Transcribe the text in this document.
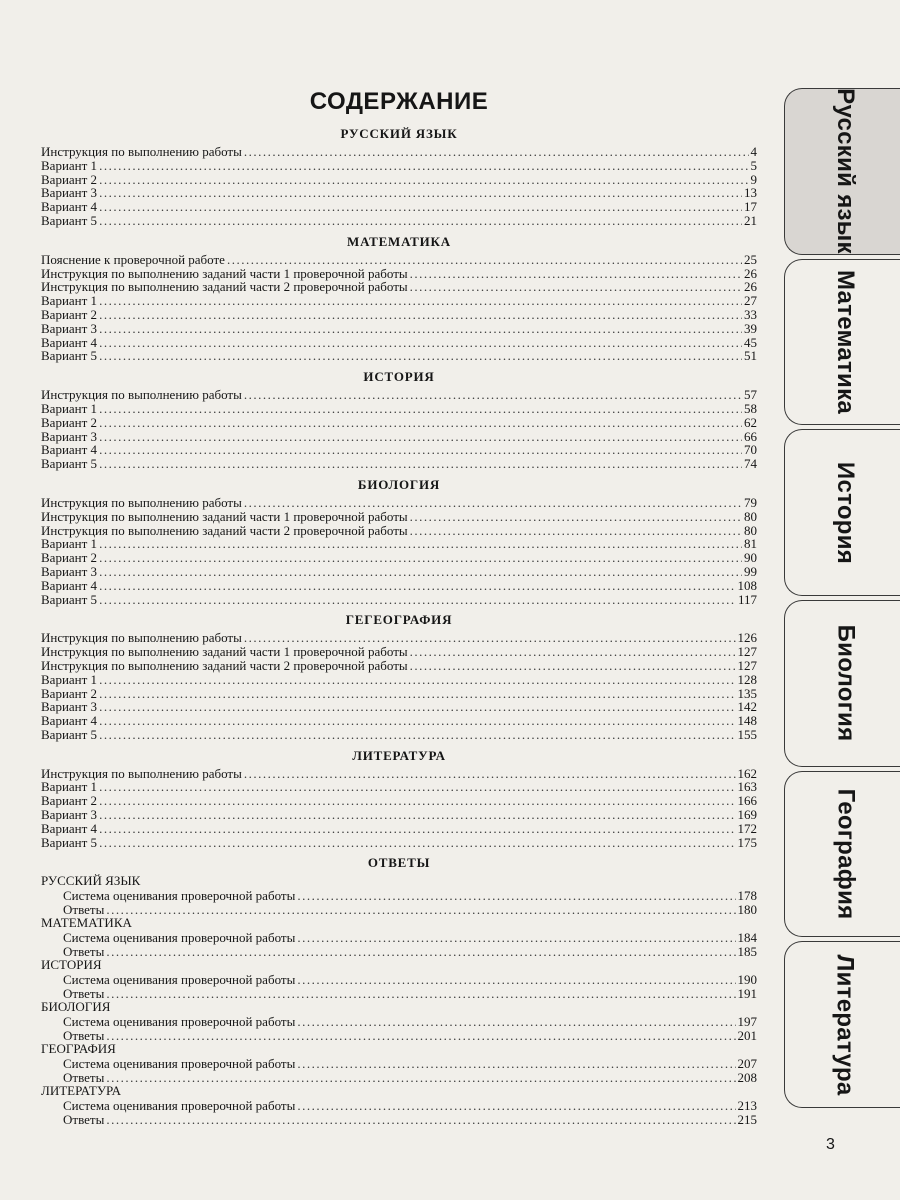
СОДЕРЖАНИЕ
РУССКИЙ ЯЗЫК
Инструкция по выполнению работы .....	4
Вариант 1 .....	5
Вариант 2 .....	9
Вариант 3 .....	13
Вариант 4 .....	17
Вариант 5 .....	21
МАТЕМАТИКА
Пояснение к проверочной работе .....	25
Инструкция по выполнению заданий части 1 проверочной работы .....	26
Инструкция по выполнению заданий части 2 проверочной работы .....	26
Вариант 1 .....	27
Вариант 2 .....	33
Вариант 3 .....	39
Вариант 4 .....	45
Вариант 5 .....	51
ИСТОРИЯ
Инструкция по выполнению работы .....	57
Вариант 1 .....	58
Вариант 2 .....	62
Вариант 3 .....	66
Вариант 4 .....	70
Вариант 5 .....	74
БИОЛОГИЯ
Инструкция по выполнению работы .....	79
Инструкция по выполнению заданий части 1 проверочной работы .....	80
Инструкция по выполнению заданий части 2 проверочной работы .....	80
Вариант 1 .....	81
Вариант 2 .....	90
Вариант 3 .....	99
Вариант 4 .....	108
Вариант 5 .....	117
ГЕГЕОГРАФИЯ
Инструкция по выполнению работы .....	126
Инструкция по выполнению заданий части 1 проверочной работы .....	127
Инструкция по выполнению заданий части 2 проверочной работы .....	127
Вариант 1 .....	128
Вариант 2 .....	135
Вариант 3 .....	142
Вариант 4 .....	148
Вариант 5 .....	155
ЛИТЕРАТУРА
Инструкция по выполнению работы .....	162
Вариант 1 .....	163
Вариант 2 .....	166
Вариант 3 .....	169
Вариант 4 .....	172
Вариант 5 .....	175
ОТВЕТЫ
РУССКИЙ ЯЗЫК
Система оценивания проверочной работы .....	178
Ответы .....	180
МАТЕМАТИКА
Система оценивания проверочной работы .....	184
Ответы .....	185
ИСТОРИЯ
Система оценивания проверочной работы .....	190
Ответы .....	191
БИОЛОГИЯ
Система оценивания проверочной работы .....	197
Ответы .....	201
ГЕОГРАФИЯ
Система оценивания проверочной работы .....	207
Ответы .....	208
ЛИТЕРАТУРА
Система оценивания проверочной работы .....	213
Ответы .....	215
Русский язык
Математика
История
Биология
География
Литература
3
